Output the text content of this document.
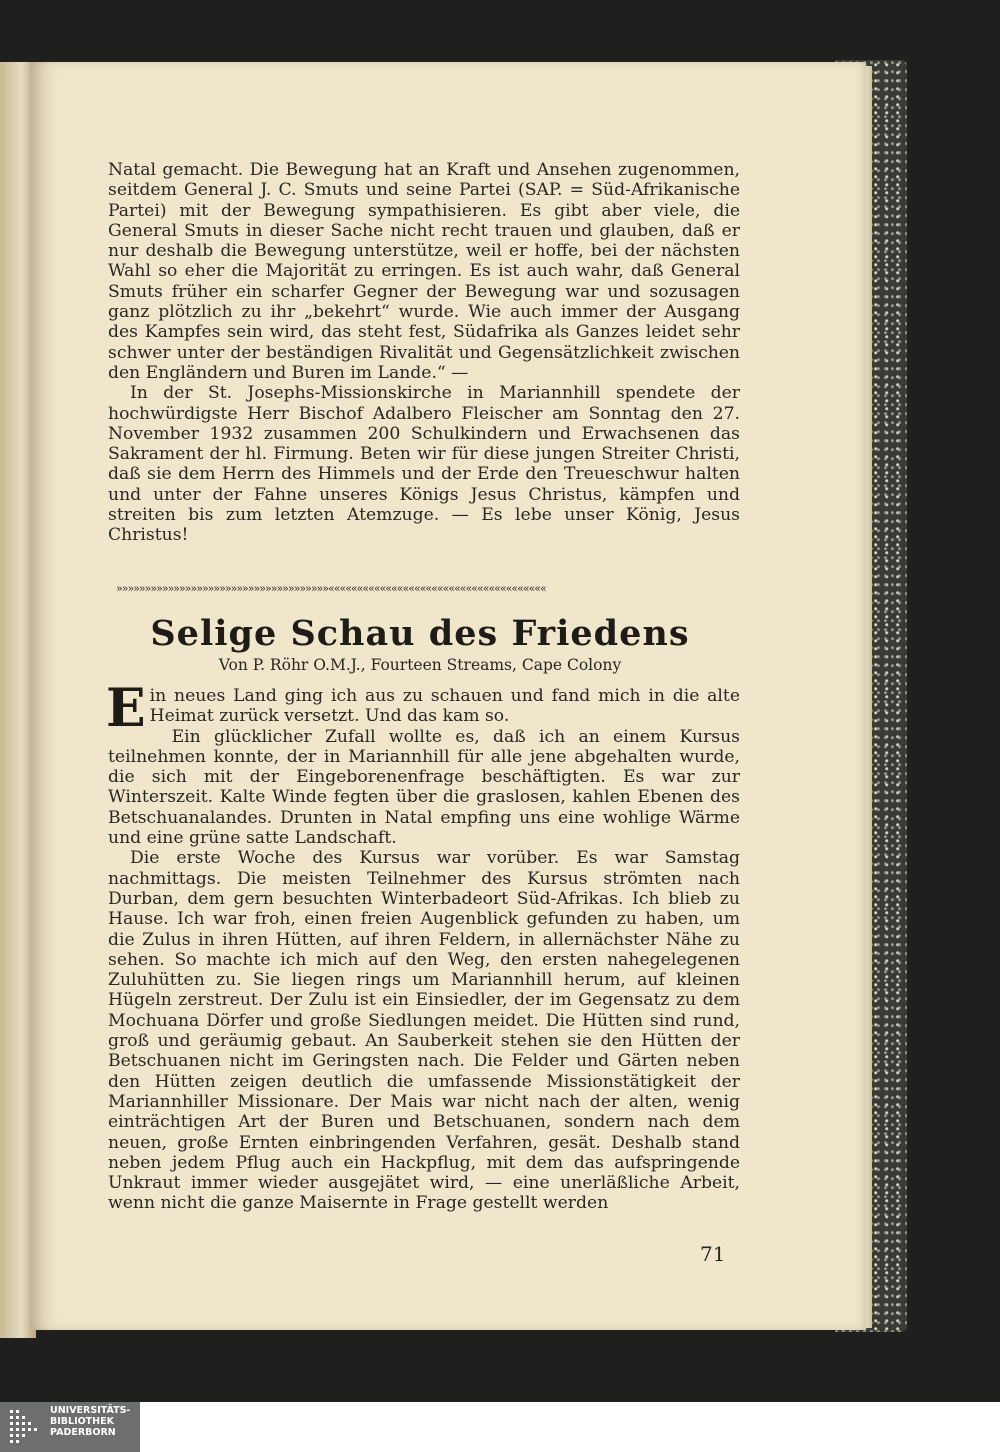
Natal gemacht. Die Bewegung hat an Kraft und Ansehen zugenommen, seitdem General J. C. Smuts und seine Partei (SAP. = Süd-Afrikanische Partei) mit der Bewegung sympathisieren. Es gibt aber viele, die General Smuts in dieser Sache nicht recht trauen und glauben, daß er nur deshalb die Bewegung unterstütze, weil er hoffe, bei der nächsten Wahl so eher die Majorität zu erringen. Es ist auch wahr, daß General Smuts früher ein scharfer Gegner der Bewegung war und sozusagen ganz plötzlich zu ihr „bekehrt“ wurde. Wie auch immer der Ausgang des Kampfes sein wird, das steht fest, Südafrika als Ganzes leidet sehr schwer unter der beständigen Rivalität und Gegensätzlichkeit zwischen den Engländern und Buren im Lande.“ —

In der St. Josephs-Missionskirche in Mariannhill spendete der hochwürdigste Herr Bischof Adalbero Fleischer am Sonntag den 27. November 1932 zusammen 200 Schulkindern und Erwachsenen das Sakrament der hl. Firmung. Beten wir für diese jungen Streiter Christi, daß sie dem Herrn des Himmels und der Erde den Treueschwur halten und unter der Fahne unseres Königs Jesus Christus, kämpfen und streiten bis zum letzten Atemzuge. — Es lebe unser König, Jesus Christus!

»»»»»»»»»»»»»»»»»»»»»»»»»»»»»»»»»»»»»««««««««««««««««««««««««««««««««««««««
Selige Schau des Friedens
Von P. Röhr O.M.J., Fourteen Streams, Cape Colony

Ein neues Land ging ich aus zu schauen und fand mich in die alte Heimat zurück versetzt. Und das kam so.

Ein glücklicher Zufall wollte es, daß ich an einem Kursus teilnehmen konnte, der in Mariannhill für alle jene abgehalten wurde, die sich mit der Eingeborenenfrage beschäftigten. Es war zur Winterszeit. Kalte Winde fegten über die graslosen, kahlen Ebenen des Betschuanalandes. Drunten in Natal empfing uns eine wohlige Wärme und eine grüne satte Landschaft.

Die erste Woche des Kursus war vorüber. Es war Samstag nachmittags. Die meisten Teilnehmer des Kursus strömten nach Durban, dem gern besuchten Winterbadeort Süd-Afrikas. Ich blieb zu Hause. Ich war froh, einen freien Augenblick gefunden zu haben, um die Zulus in ihren Hütten, auf ihren Feldern, in allernächster Nähe zu sehen. So machte ich mich auf den Weg, den ersten nahegelegenen Zuluhütten zu. Sie liegen rings um Mariannhill herum, auf kleinen Hügeln zerstreut. Der Zulu ist ein Einsiedler, der im Gegensatz zu dem Mochuana Dörfer und große Siedlungen meidet. Die Hütten sind rund, groß und geräumig gebaut. An Sauberkeit stehen sie den Hütten der Betschuanen nicht im Geringsten nach. Die Felder und Gärten neben den Hütten zeigen deutlich die umfassende Missionstätigkeit der Mariannhiller Missionare. Der Mais war nicht nach der alten, wenig einträchtigen Art der Buren und Betschuanen, sondern nach dem neuen, große Ernten einbringenden Verfahren, gesät. Deshalb stand neben jedem Pflug auch ein Hackpflug, mit dem das aufspringende Unkraut immer wieder ausgejätet wird, — eine unerläßliche Arbeit, wenn nicht die ganze Maisernte in Frage gestellt werden

71
UNIVERSITÄTS-
BIBLIOTHEK
PADERBORN
